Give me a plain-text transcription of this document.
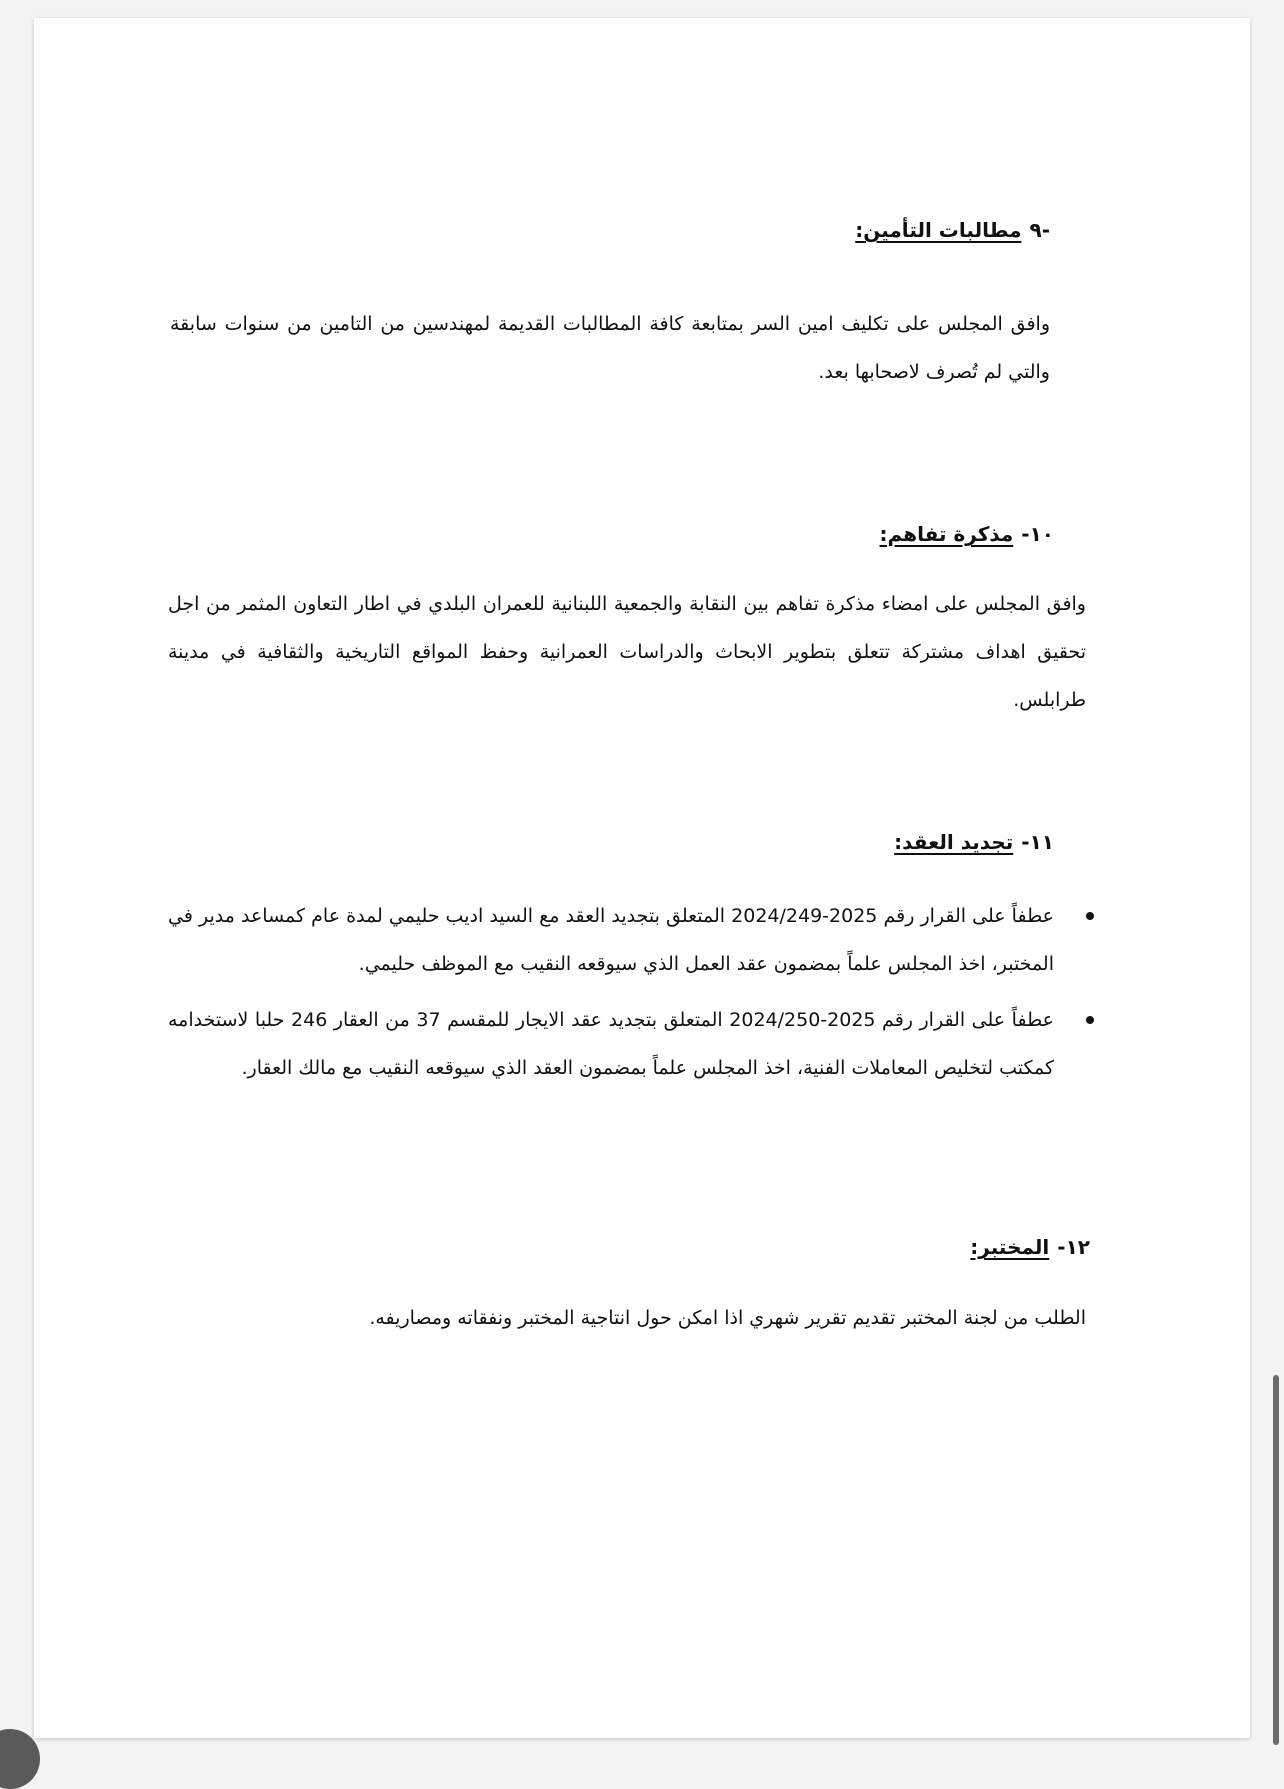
-٩مطالبات التأمين:

وافق المجلس على تكليف امين السر بمتابعة كافة المطالبات القديمة لمهندسين من التامين من سنوات سابقة والتي لم تُصرف لاصحابها بعد.

١٠-مذكرة تفاهم:

وافق المجلس على امضاء مذكرة تفاهم بين النقابة والجمعية اللبنانية للعمران البلدي في اطار التعاون المثمر من اجل تحقيق اهداف مشتركة تتعلق بتطوير الابحاث والدراسات العمرانية وحفظ المواقع التاريخية والثقافية في مدينة طرابلس.

١١-تجديد العقد:
عطفاً على القرار رقم 2025-2024/249 المتعلق بتجديد العقد مع السيد اديب حليمي لمدة عام كمساعد مدير في المختبر، اخذ المجلس علماً بمضمون عقد العمل الذي سيوقعه النقيب مع الموظف حليمي.
عطفاً على القرار رقم 2025-2024/250 المتعلق بتجديد عقد الايجار للمقسم 37 من العقار 246 حلبا لاستخدامه كمكتب لتخليص المعاملات الفنية، اخذ المجلس علماً بمضمون العقد الذي سيوقعه النقيب مع مالك العقار.
١٢-المختبر:

الطلب من لجنة المختبر تقديم تقرير شهري اذا امكن حول انتاجية المختبر ونفقاته ومصاريفه.
